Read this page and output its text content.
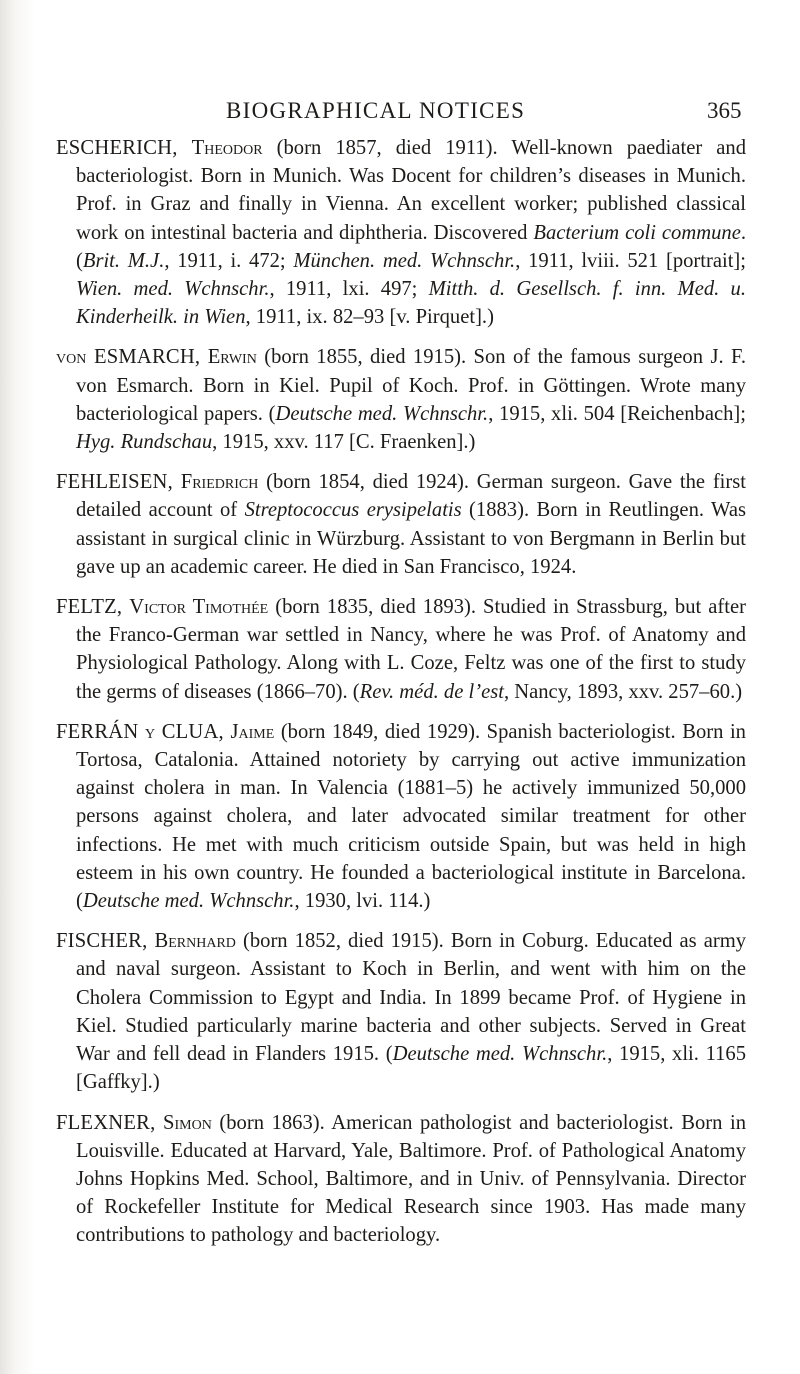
BIOGRAPHICAL NOTICES	365

ESCHERICH, Theodor (born 1857, died 1911). Well-known paediater and bacteriologist. Born in Munich. Was Docent for children’s diseases in Munich. Prof. in Graz and finally in Vienna. An excellent worker; published classical work on intestinal bacteria and diphtheria. Discovered Bacterium coli commune. (Brit. M.J., 1911, i. 472; München. med. Wchnschr., 1911, lviii. 521 [portrait]; Wien. med. Wchnschr., 1911, lxi. 497; Mitth. d. Gesellsch. f. inn. Med. u. Kinderheilk. in Wien, 1911, ix. 82–93 [v. Pirquet].)

von ESMARCH, Erwin (born 1855, died 1915). Son of the famous surgeon J. F. von Esmarch. Born in Kiel. Pupil of Koch. Prof. in Göttingen. Wrote many bacteriological papers. (Deutsche med. Wchnschr., 1915, xli. 504 [Reichenbach]; Hyg. Rundschau, 1915, xxv. 117 [C. Fraenken].)

FEHLEISEN, Friedrich (born 1854, died 1924). German surgeon. Gave the first detailed account of Streptococcus erysipelatis (1883). Born in Reutlingen. Was assistant in surgical clinic in Würzburg. Assistant to von Bergmann in Berlin but gave up an academic career. He died in San Francisco, 1924.

FELTZ, Victor Timothée (born 1835, died 1893). Studied in Strassburg, but after the Franco-German war settled in Nancy, where he was Prof. of Anatomy and Physiological Pathology. Along with L. Coze, Feltz was one of the first to study the germs of diseases (1866–70). (Rev. méd. de l’est, Nancy, 1893, xxv. 257–60.)

FERRÁN y CLUA, Jaime (born 1849, died 1929). Spanish bacteriologist. Born in Tortosa, Catalonia. Attained notoriety by carrying out active immunization against cholera in man. In Valencia (1881–5) he actively immunized 50,000 persons against cholera, and later advocated similar treatment for other infections. He met with much criticism outside Spain, but was held in high esteem in his own country. He founded a bacteriological institute in Barcelona. (Deutsche med. Wchnschr., 1930, lvi. 114.)

FISCHER, Bernhard (born 1852, died 1915). Born in Coburg. Educated as army and naval surgeon. Assistant to Koch in Berlin, and went with him on the Cholera Commission to Egypt and India. In 1899 became Prof. of Hygiene in Kiel. Studied particularly marine bacteria and other subjects. Served in Great War and fell dead in Flanders 1915. (Deutsche med. Wchnschr., 1915, xli. 1165 [Gaffky].)

FLEXNER, Simon (born 1863). American pathologist and bacteriologist. Born in Louisville. Educated at Harvard, Yale, Baltimore. Prof. of Pathological Anatomy Johns Hopkins Med. School, Baltimore, and in Univ. of Pennsylvania. Director of Rockefeller Institute for Medical Research since 1903. Has made many contributions to pathology and bacteriology.
